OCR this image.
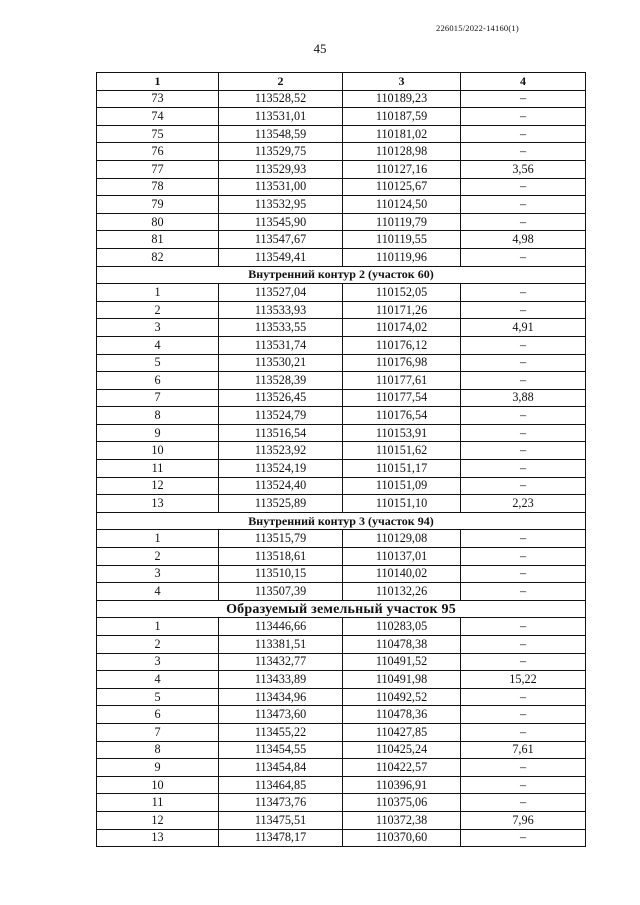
226015/2022-14160(1)
45
1	2	3	4
73	113528,52	110189,23	–
74	113531,01	110187,59	–
75	113548,59	110181,02	–
76	113529,75	110128,98	–
77	113529,93	110127,16	3,56
78	113531,00	110125,67	–
79	113532,95	110124,50	–
80	113545,90	110119,79	–
81	113547,67	110119,55	4,98
82	113549,41	110119,96	–
Внутренний контур 2 (участок 60)			
1	113527,04	110152,05	–
2	113533,93	110171,26	–
3	113533,55	110174,02	4,91
4	113531,74	110176,12	–
5	113530,21	110176,98	–
6	113528,39	110177,61	–
7	113526,45	110177,54	3,88
8	113524,79	110176,54	–
9	113516,54	110153,91	–
10	113523,92	110151,62	–
11	113524,19	110151,17	–
12	113524,40	110151,09	–
13	113525,89	110151,10	2,23
Внутренний контур 3 (участок 94)			
1	113515,79	110129,08	–
2	113518,61	110137,01	–
3	113510,15	110140,02	–
4	113507,39	110132,26	–
Образуемый земельный участок 95			
1	113446,66	110283,05	–
2	113381,51	110478,38	–
3	113432,77	110491,52	–
4	113433,89	110491,98	15,22
5	113434,96	110492,52	–
6	113473,60	110478,36	–
7	113455,22	110427,85	–
8	113454,55	110425,24	7,61
9	113454,84	110422,57	–
10	113464,85	110396,91	–
11	113473,76	110375,06	–
12	113475,51	110372,38	7,96
13	113478,17	110370,60	–
